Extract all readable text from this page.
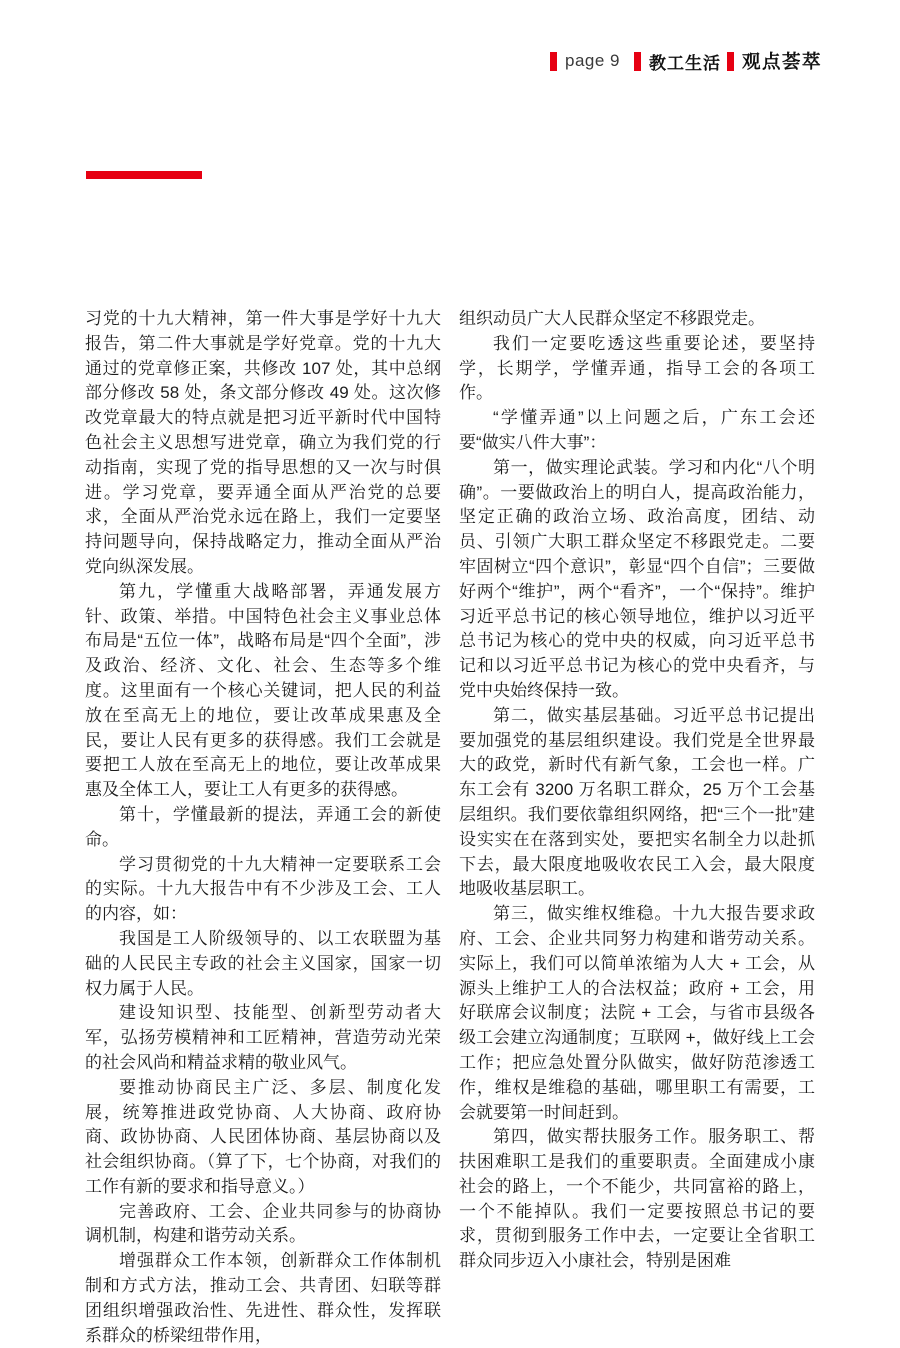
page 9 教工生活 观点荟萃

习党的十九大精神，第一件大事是学好十九大报告，第二件大事就是学好党章。党的十九大通过的党章修正案，共修改 107 处，其中总纲部分修改 58 处，条文部分修改 49 处。这次修改党章最大的特点就是把习近平新时代中国特色社会主义思想写进党章，确立为我们党的行动指南，实现了党的指导思想的又一次与时俱进。学习党章，要弄通全面从严治党的总要求，全面从严治党永远在路上，我们一定要坚持问题导向，保持战略定力，推动全面从严治党向纵深发展。

第九，学懂重大战略部署，弄通发展方针、政策、举措。中国特色社会主义事业总体布局是“五位一体”，战略布局是“四个全面”，涉及政治、经济、文化、社会、生态等多个维度。这里面有一个核心关键词，把人民的利益放在至高无上的地位，要让改革成果惠及全民，要让人民有更多的获得感。我们工会就是要把工人放在至高无上的地位，要让改革成果惠及全体工人，要让工人有更多的获得感。

第十，学懂最新的提法，弄通工会的新使命。

学习贯彻党的十九大精神一定要联系工会的实际。十九大报告中有不少涉及工会、工人的内容，如：

我国是工人阶级领导的、以工农联盟为基础的人民民主专政的社会主义国家，国家一切权力属于人民。

建设知识型、技能型、创新型劳动者大军，弘扬劳模精神和工匠精神，营造劳动光荣的社会风尚和精益求精的敬业风气。

要推动协商民主广泛、多层、制度化发展，统筹推进政党协商、人大协商、政府协商、政协协商、人民团体协商、基层协商以及社会组织协商。（算了下，七个协商，对我们的工作有新的要求和指导意义。）

完善政府、工会、企业共同参与的协商协调机制，构建和谐劳动关系。

增强群众工作本领，创新群众工作体制机制和方式方法，推动工会、共青团、妇联等群团组织增强政治性、先进性、群众性，发挥联系群众的桥梁纽带作用，

组织动员广大人民群众坚定不移跟党走。

我们一定要吃透这些重要论述，要坚持学，长期学，学懂弄通，指导工会的各项工作。

“学懂弄通”以上问题之后，广东工会还要“做实八件大事”：

第一，做实理论武装。学习和内化“八个明确”。一要做政治上的明白人，提高政治能力，坚定正确的政治立场、政治高度，团结、动员、引领广大职工群众坚定不移跟党走。二要牢固树立“四个意识”，彰显“四个自信”；三要做好两个“维护”，两个“看齐”，一个“保持”。维护习近平总书记的核心领导地位，维护以习近平总书记为核心的党中央的权威，向习近平总书记和以习近平总书记为核心的党中央看齐，与党中央始终保持一致。

第二，做实基层基础。习近平总书记提出要加强党的基层组织建设。我们党是全世界最大的政党，新时代有新气象，工会也一样。广东工会有 3200 万名职工群众，25 万个工会基层组织。我们要依靠组织网络，把“三个一批”建设实实在在落到实处，要把实名制全力以赴抓下去，最大限度地吸收农民工入会，最大限度地吸收基层职工。

第三，做实维权维稳。十九大报告要求政府、工会、企业共同努力构建和谐劳动关系。实际上，我们可以简单浓缩为人大 + 工会，从源头上维护工人的合法权益；政府 + 工会，用好联席会议制度；法院 + 工会，与省市县级各级工会建立沟通制度；互联网 +，做好线上工会工作；把应急处置分队做实，做好防范渗透工作，维权是维稳的基础，哪里职工有需要，工会就要第一时间赶到。

第四，做实帮扶服务工作。服务职工、帮扶困难职工是我们的重要职责。全面建成小康社会的路上，一个不能少，共同富裕的路上，一个不能掉队。我们一定要按照总书记的要求，贯彻到服务工作中去，一定要让全省职工群众同步迈入小康社会，特别是困难
